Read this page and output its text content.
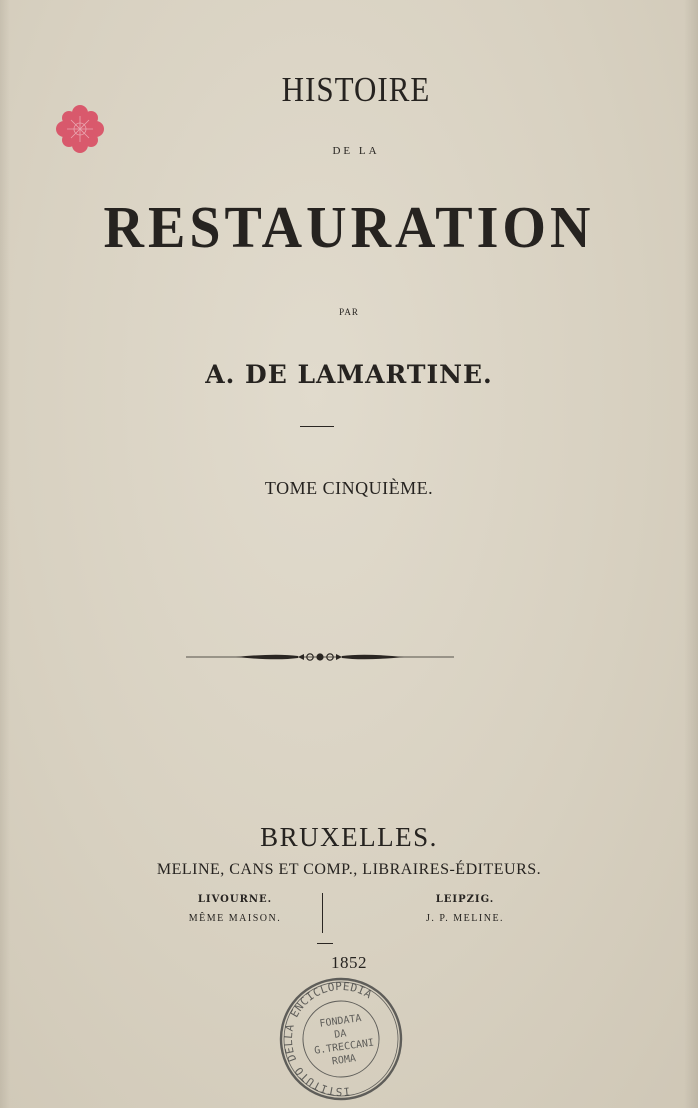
HISTOIRE
DE LA
RESTAURATION
PAR
A. DE LAMARTINE.
TOME CINQUIÈME.
BRUXELLES.
MELINE, CANS ET COMP., LIBRAIRES-ÉDITEURS.
LIVOURNE.
MÊME MAISON.
LEIPZIG.
J. P. MELINE.
1852
ISTITUTO DELLA ENCICLOPEDIA
FONDATA
DA
G.TRECCANI
ROMA
